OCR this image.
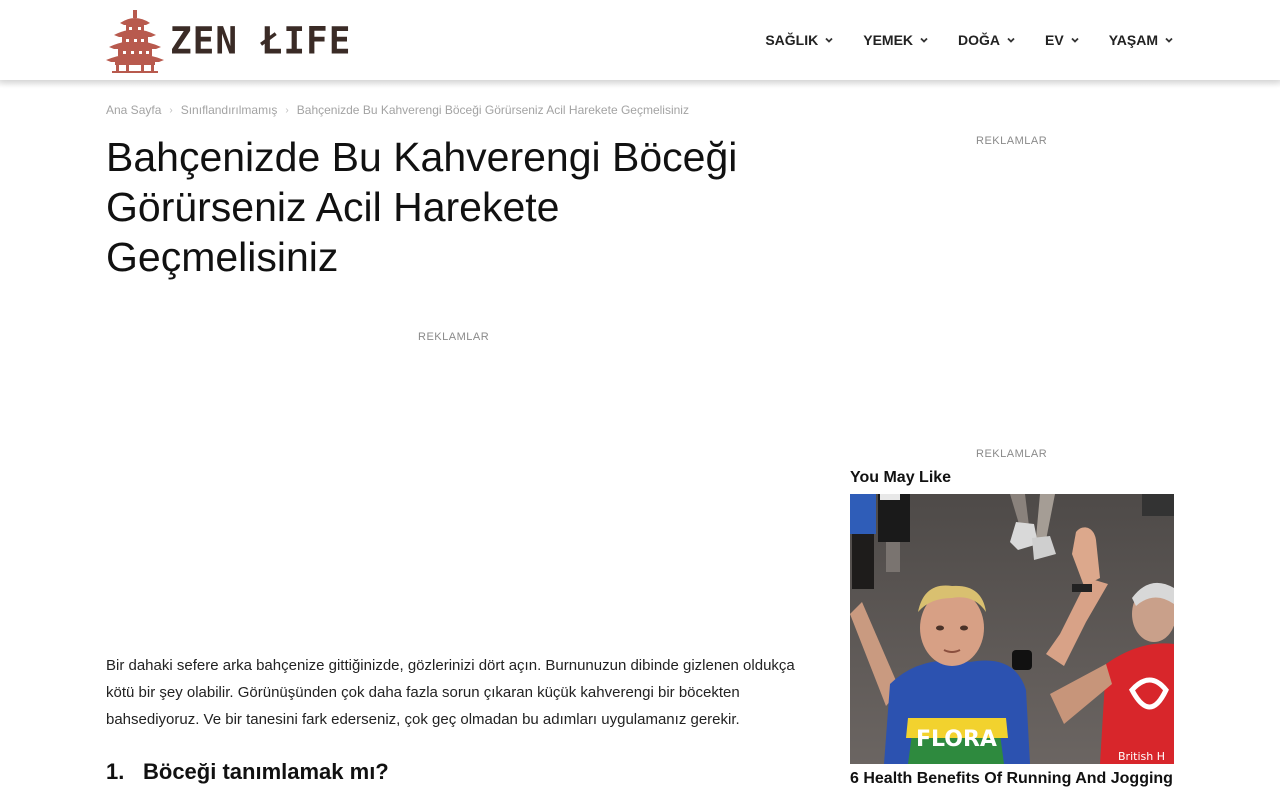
ZEN ŁIFE	SAĞLIK	YEMEK	DOĞA	EV	YAŞAM
Ana Sayfa › Sınıflandırılmamış › Bahçenizde Bu Kahverengi Böceği Görürseniz Acil Harekete Geçmelisiniz
Bahçenizde Bu Kahverengi Böceği
Görürseniz Acil Harekete
Geçmelisiniz
REKLAMLAR
Bir dahaki sefere arka bahçenize gittiğinizde, gözlerinizi dört açın. Burnunuzun dibinde gizlenen oldukça
kötü bir şey olabilir. Görünüşünden çok daha fazla sorun çıkaran küçük kahverengi bir böcekten
bahsediyoruz. Ve bir tanesini fark ederseniz, çok geç olmadan bu adımları uygulamanız gerekir.
1. Böceği tanımlamak mı?
REKLAMLAR
REKLAMLAR
You May Like
FLORA
British H
6 Health Benefits Of Running And Jogging
